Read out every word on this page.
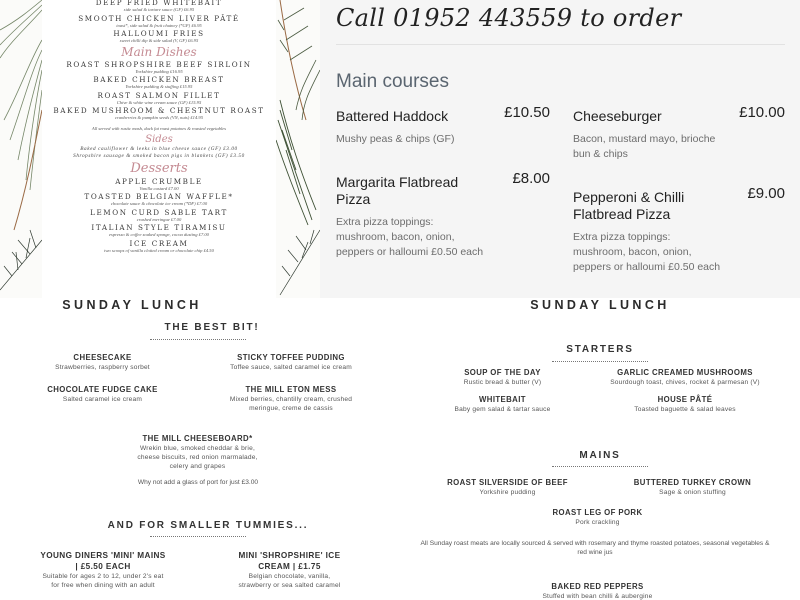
DEEP FRIED WHITEBAIT
side salad & tartare sauce (GF) £6.95
SMOOTH CHICKEN LIVER PÂTÉ
toast*, side salad & fruit chutney (*GF) £6.95
HALLOUMI FRIES
sweet chilli dip & side salad (V, GF) £6.95
Main Dishes
ROAST SHROPSHIRE BEEF SIRLOIN
Yorkshire pudding £16.95
BAKED CHICKEN BREAST
Yorkshire pudding & stuffing £15.95
ROAST SALMON FILLET
Chive & white wine cream sauce (GF) £15.95
BAKED MUSHROOM & CHESTNUT ROAST
cranberries & pumpkin seeds (VN, nuts) £14.95
All served with rustic mash, duck fat roast potatoes & roasted vegetables
Sides
Baked cauliflower & leeks in blue cheese sauce (GF) £3.00
Shropshire sausage & smoked bacon pigs in blankets (GF) £3.50
Desserts
APPLE CRUMBLE
Vanilla custard £7.00
TOASTED BELGIAN WAFFLE*
chocolate sauce & chocolate ice cream (*DF) £7.00
LEMON CURD SABLE TART
crushed meringue £7.00
ITALIAN STYLE TIRAMISU
espresso & coffee soaked sponge, cocoa dusting £7.00
ICE CREAM
two scoops of vanilla clotted cream or chocolate chip £4.50
Call 01952 443559 to order
Main courses
Battered Haddock	£10.50
Mushy peas & chips (GF)
Cheeseburger	£10.00
Bacon, mustard mayo, brioche bun & chips
Margarita Flatbread Pizza
£8.00
Extra pizza toppings: mushroom, bacon, onion, peppers or halloumi £0.50 each
Pepperoni & Chilli Flatbread Pizza
£9.00
Extra pizza toppings: mushroom, bacon, onion, peppers or halloumi £0.50 each
SUNDAY LUNCH
THE BEST BIT!
CHEESECAKE
Strawberries, raspberry sorbet
STICKY TOFFEE PUDDING
Toffee sauce, salted caramel ice cream
CHOCOLATE FUDGE CAKE
Salted caramel ice cream
THE MILL ETON MESS
Mixed berries, chantilly cream, crushed meringue, creme de cassis
THE MILL CHEESEBOARD*
Wrekin blue, smoked cheddar & brie, cheese biscuits, red onion marmalade, celery and grapes
Why not add a glass of port for just £3.00
AND FOR SMALLER TUMMIES...
YOUNG DINERS 'MINI' MAINS | £5.50 EACH
Suitable for ages 2 to 12, under 2's eat for free when dining with an adult
MINI 'SHROPSHIRE' ICE CREAM | £1.75
Belgian chocolate, vanilla, strawberry or sea salted caramel
SUNDAY LUNCH
STARTERS
SOUP OF THE DAY
Rustic bread & butter (V)
GARLIC CREAMED MUSHROOMS
Sourdough toast, chives, rocket & parmesan (V)
WHITEBAIT
Baby gem salad & tartar sauce
HOUSE PÂTÉ
Toasted baguette & salad leaves
MAINS
ROAST SILVERSIDE OF BEEF
Yorkshire pudding
BUTTERED TURKEY CROWN
Sage & onion stuffing
ROAST LEG OF PORK
Pork crackling
All Sunday roast meats are locally sourced & served with rosemary and thyme roasted potatoes, seasonal vegetables & red wine jus
BAKED RED PEPPERS
Stuffed with bean chilli & aubergine
